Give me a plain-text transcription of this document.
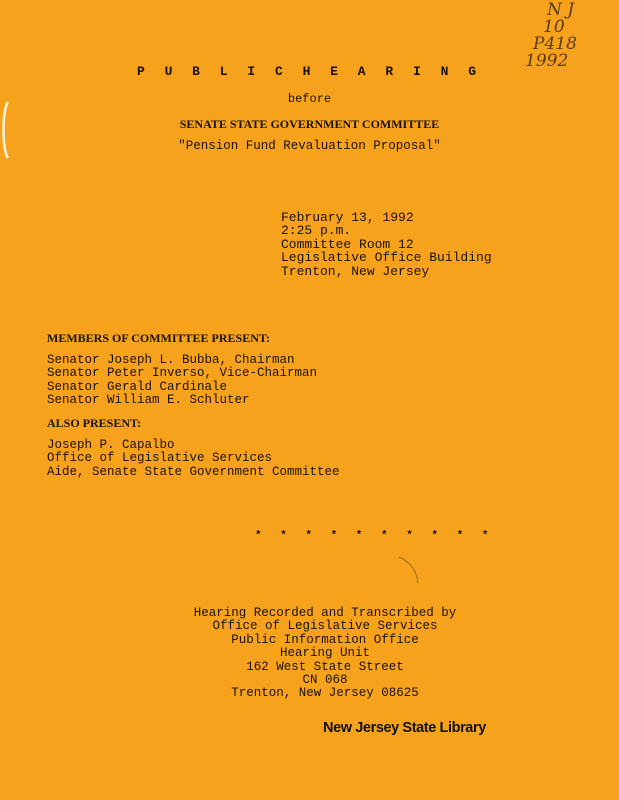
N J
10
P418
1992
P U B L I C H E A R I N G
before
SENATE STATE GOVERNMENT COMMITTEE
"Pension Fund Revaluation Proposal"
February 13, 1992
2:25 p.m.
Committee Room 12
Legislative Office Building
Trenton, New Jersey
MEMBERS OF COMMITTEE PRESENT:
Senator Joseph L. Bubba, Chairman
Senator Peter Inverso, Vice-Chairman
Senator Gerald Cardinale
Senator William E. Schluter
ALSO PRESENT:
Joseph P. Capalbo
Office of Legislative Services
Aide, Senate State Government Committee
* * * * * * * * * *
Hearing Recorded and Transcribed by
Office of Legislative Services
Public Information Office
Hearing Unit
162 West State Street
CN 068
Trenton, New Jersey 08625
New Jersey State Library
